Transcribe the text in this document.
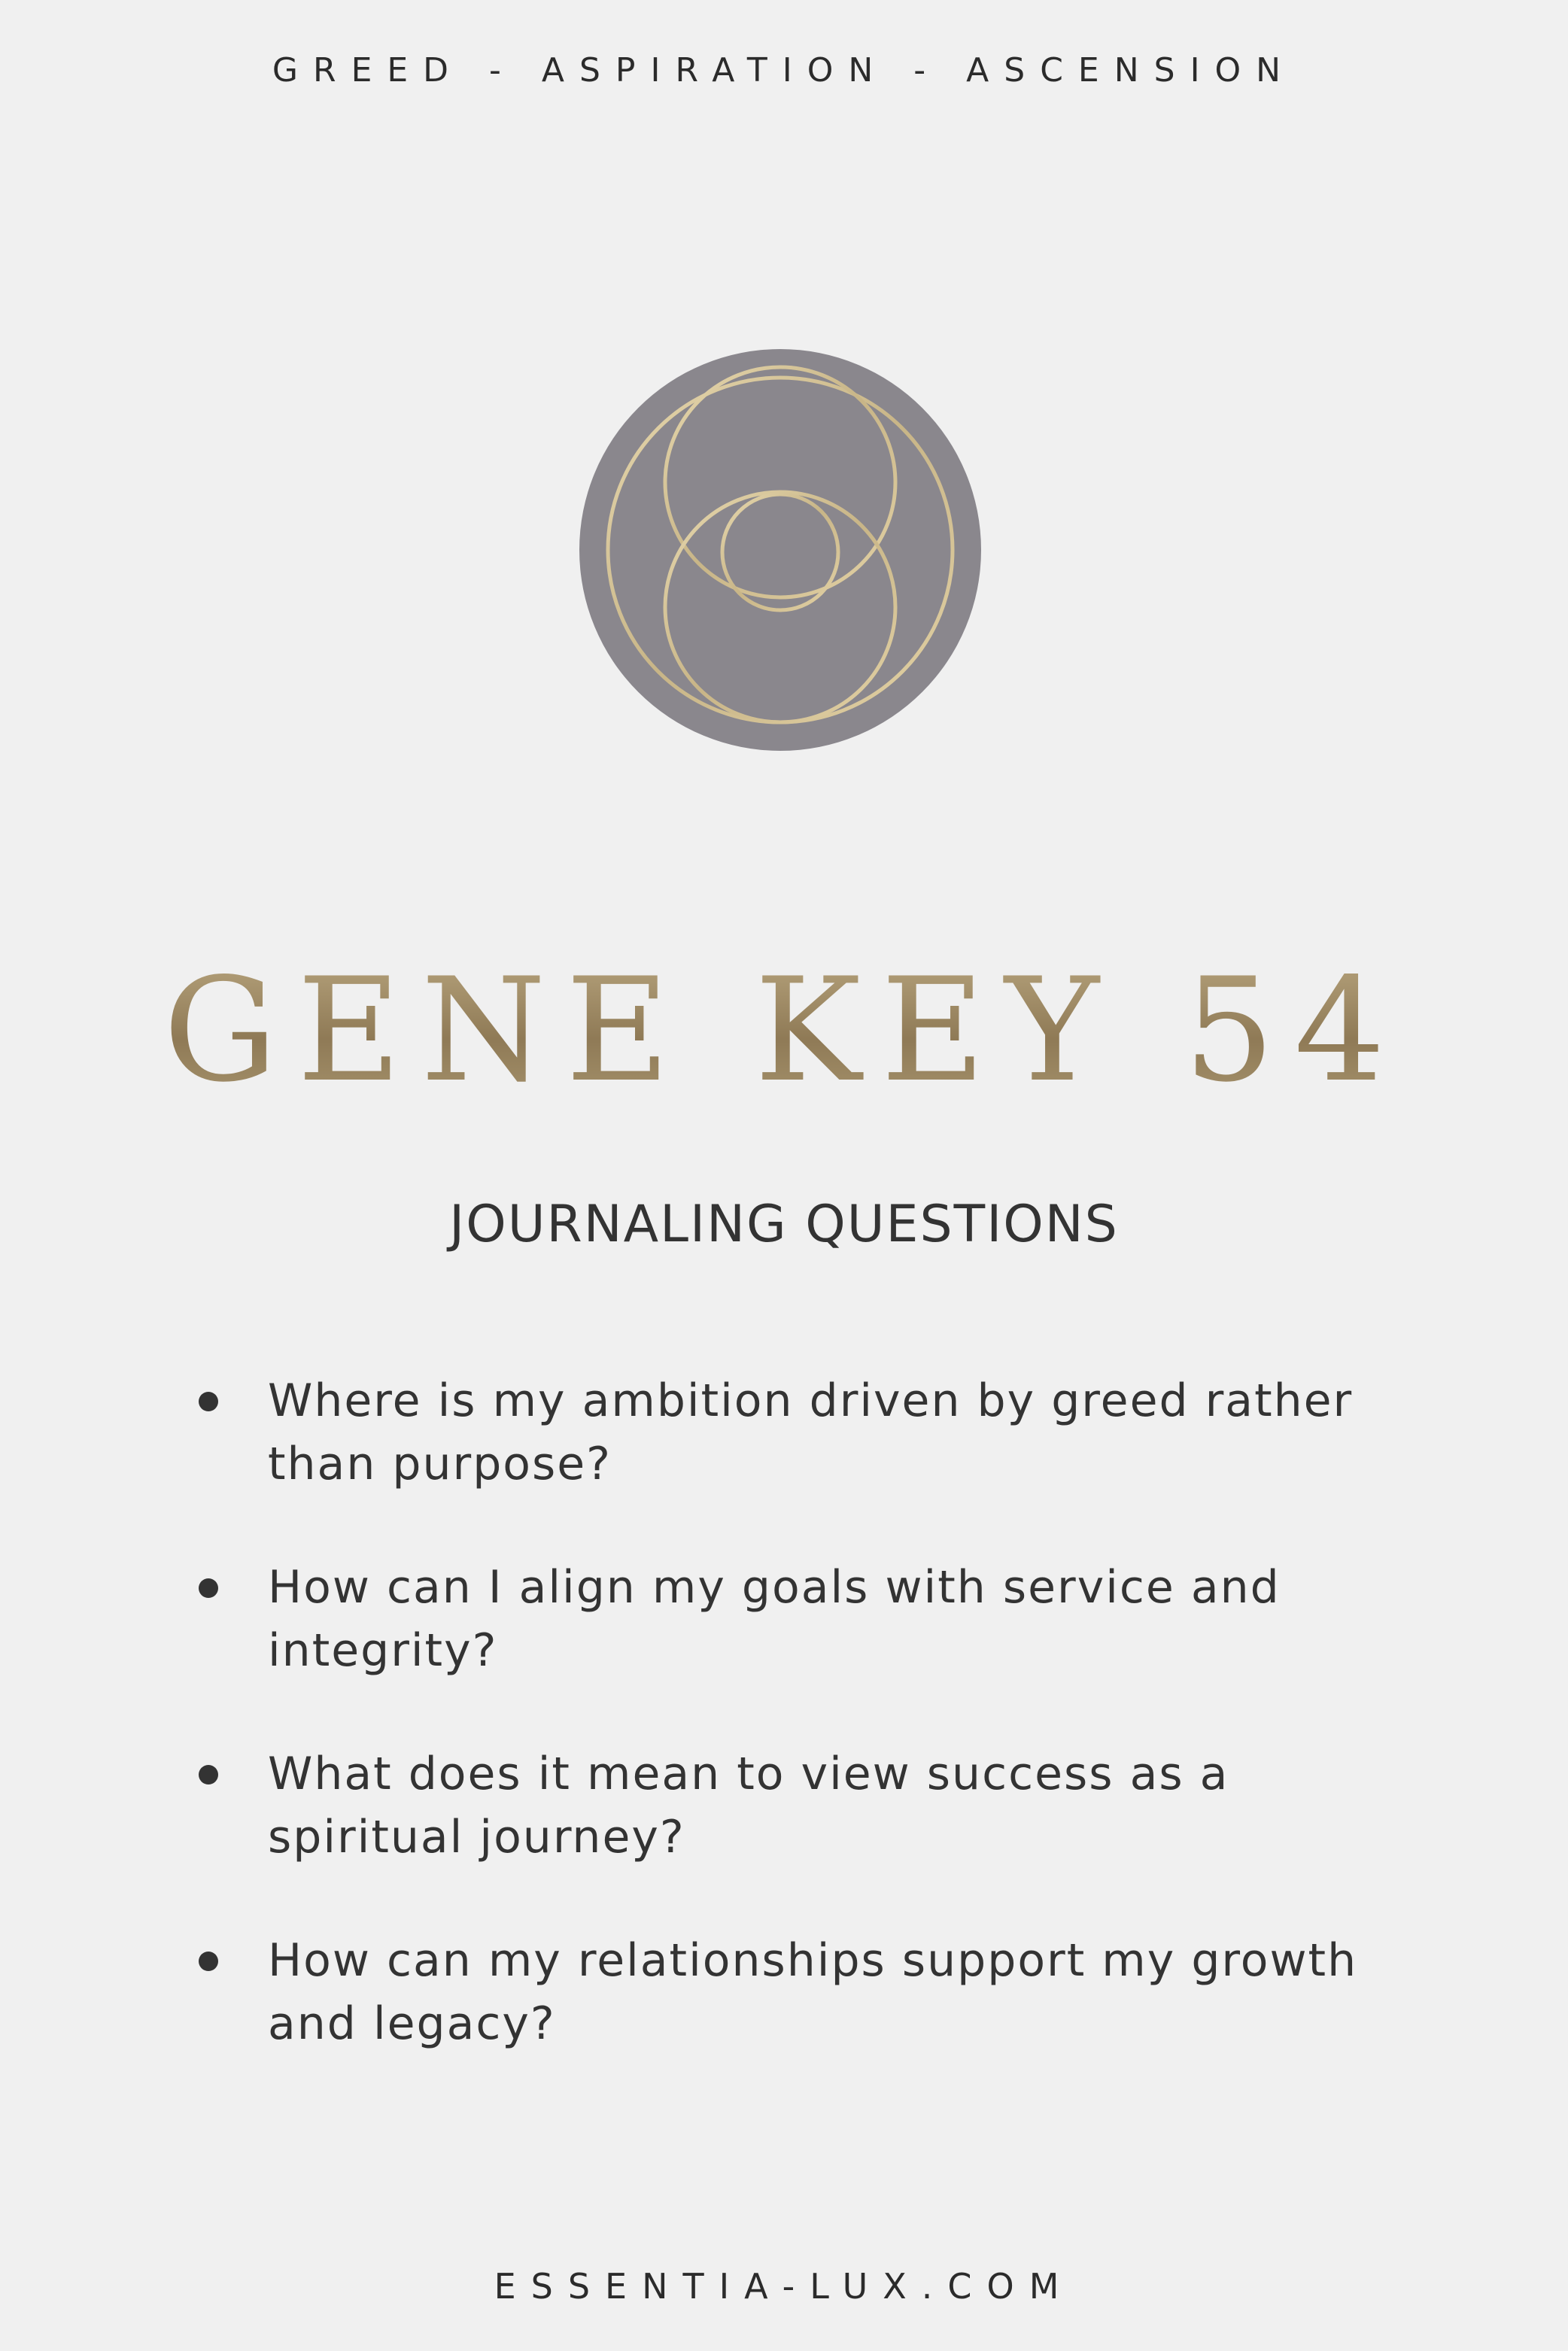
GREED - ASPIRATION - ASCENSION
GENE KEY 54
JOURNALING QUESTIONS
Where is my ambition driven by greed rather than purpose?
How can I align my goals with service and integrity?
What does it mean to view success as a spiritual journey?
How can my relationships support my growth and legacy?
ESSENTIA-LUX.COM
